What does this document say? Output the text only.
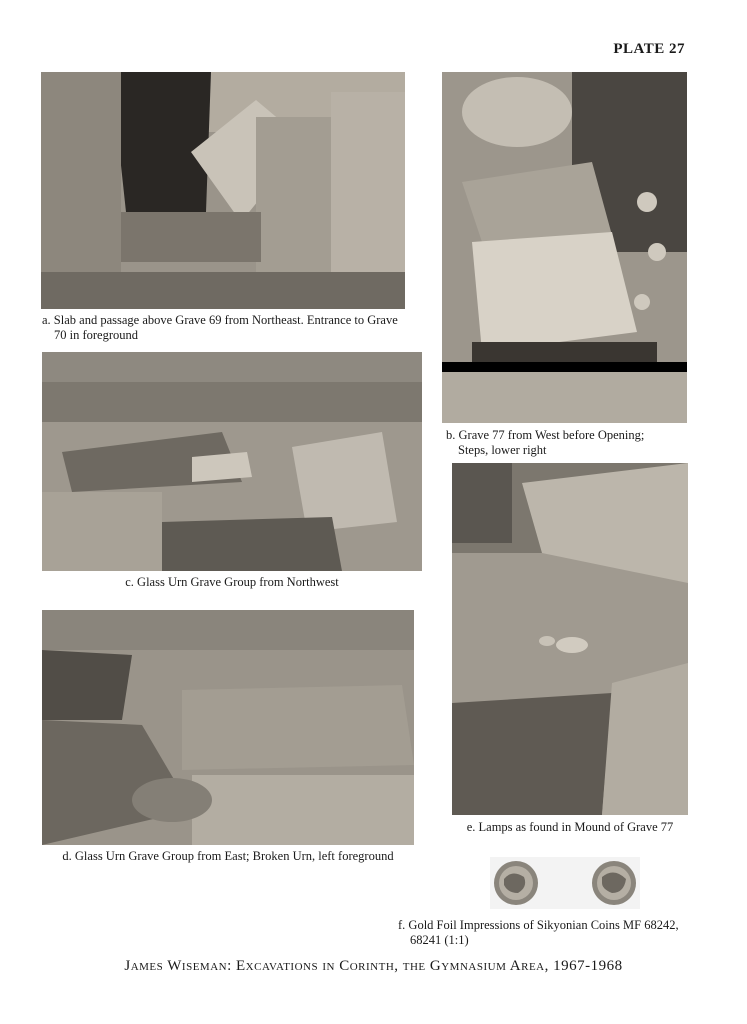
PLATE 27
a. Slab and passage above Grave 69 from Northeast. Entrance to Grave
70 in foreground
b. Grave 77 from West before Opening;
Steps, lower right
c. Glass Urn Grave Group from Northwest
d. Glass Urn Grave Group from East; Broken Urn, left foreground
e. Lamps as found in Mound of Grave 77
f. Gold Foil Impressions of Sikyonian Coins MF 68242,
68241 (1:1)
James Wiseman: Excavations in Corinth, the Gymnasium Area, 1967-1968
